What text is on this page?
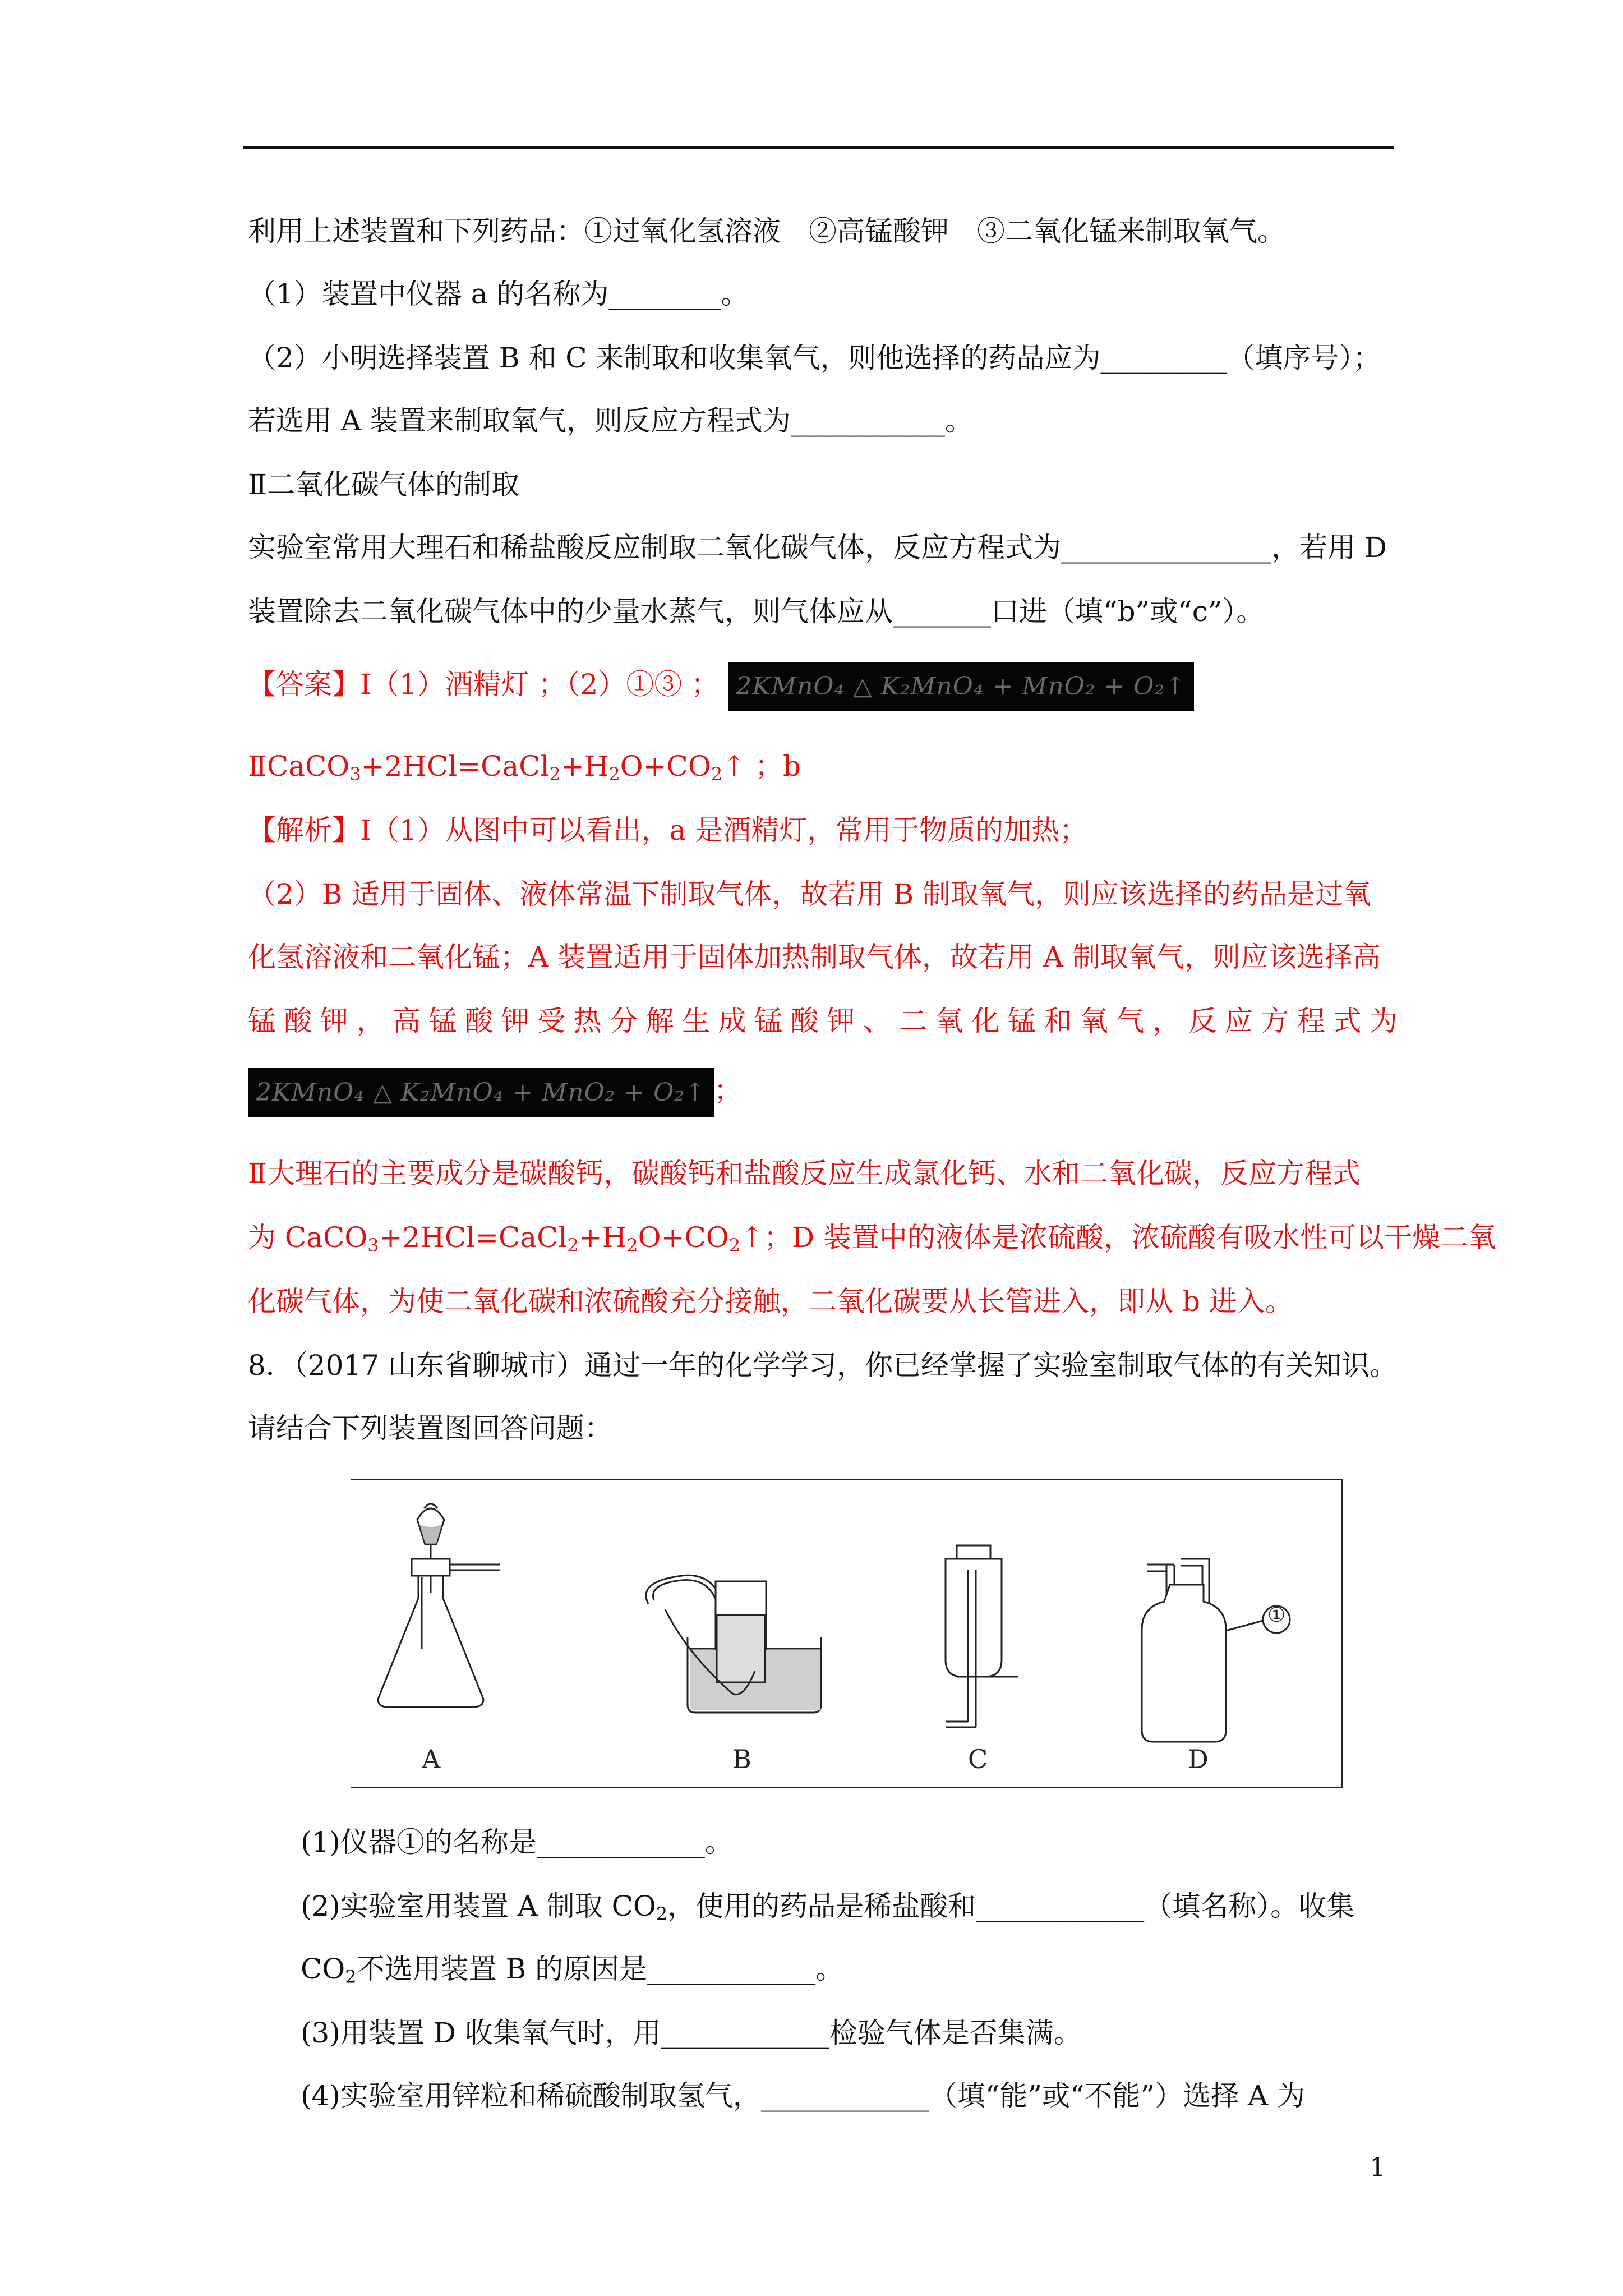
利用上述装置和下列药品：①过氧化氢溶液　②高锰酸钾　③二氧化锰来制取氧气。
（1）装置中仪器 a 的名称为________。
（2）小明选择装置 B 和 C 来制取和收集氧气，则他选择的药品应为_________（填序号）；
若选用 A 装置来制取氧气，则反应方程式为___________。
Ⅱ二氧化碳气体的制取
实验室常用大理石和稀盐酸反应制取二氧化碳气体，反应方程式为_______________，若用 D
装置除去二氧化碳气体中的少量水蒸气，则气体应从_______口进（填“b”或“c”）。
【答案】Ⅰ（1）酒精灯 ；（2）①③ ； 2KMnO₄ △ K₂MnO₄ + MnO₂ + O₂↑
$ⅡCaCO_3+2HCl=CaCl_2+H_2O+CO_2↑$ ；b
【解析】Ⅰ（1）从图中可以看出，a 是酒精灯，常用于物质的加热；
（2）B 适用于固体、液体常温下制取气体，故若用 B 制取氧气，则应该选择的药品是过氧
化氢溶液和二氧化锰；A 装置适用于固体加热制取气体，故若用 A 制取氧气，则应该选择高
锰 酸 钾 ， 高 锰 酸 钾 受 热 分 解 生 成 锰 酸 钾 、 二 氧 化 锰 和 氧 气 ， 反 应 方 程 式 为
2KMnO₄ △ K₂MnO₄ + MnO₂ + O₂↑ ；
Ⅱ大理石的主要成分是碳酸钙，碳酸钙和盐酸反应生成氯化钙、水和二氧化碳，反应方程式
为 $CaCO_3+2HCl=CaCl_2+H_2O+CO_2↑$；D 装置中的液体是浓硫酸，浓硫酸有吸水性可以干燥二氧
化碳气体，为使二氧化碳和浓硫酸充分接触，二氧化碳要从长管进入，即从 b 进入。
8．（2017 山东省聊城市）通过一年的化学学习，你已经掌握了实验室制取气体的有关知识。
请结合下列装置图回答问题：
A	B	C	D
①
(1)仪器①的名称是____________。
(2)实验室用装置 A 制取 $CO_2$，使用的药品是稀盐酸和____________（填名称）。收集
$CO_2$不选用装置 B 的原因是____________。
(3)用装置 D 收集氧气时，用____________检验气体是否集满。
(4)实验室用锌粒和稀硫酸制取氢气，____________（填“能”或“不能”）选择 A 为
1
